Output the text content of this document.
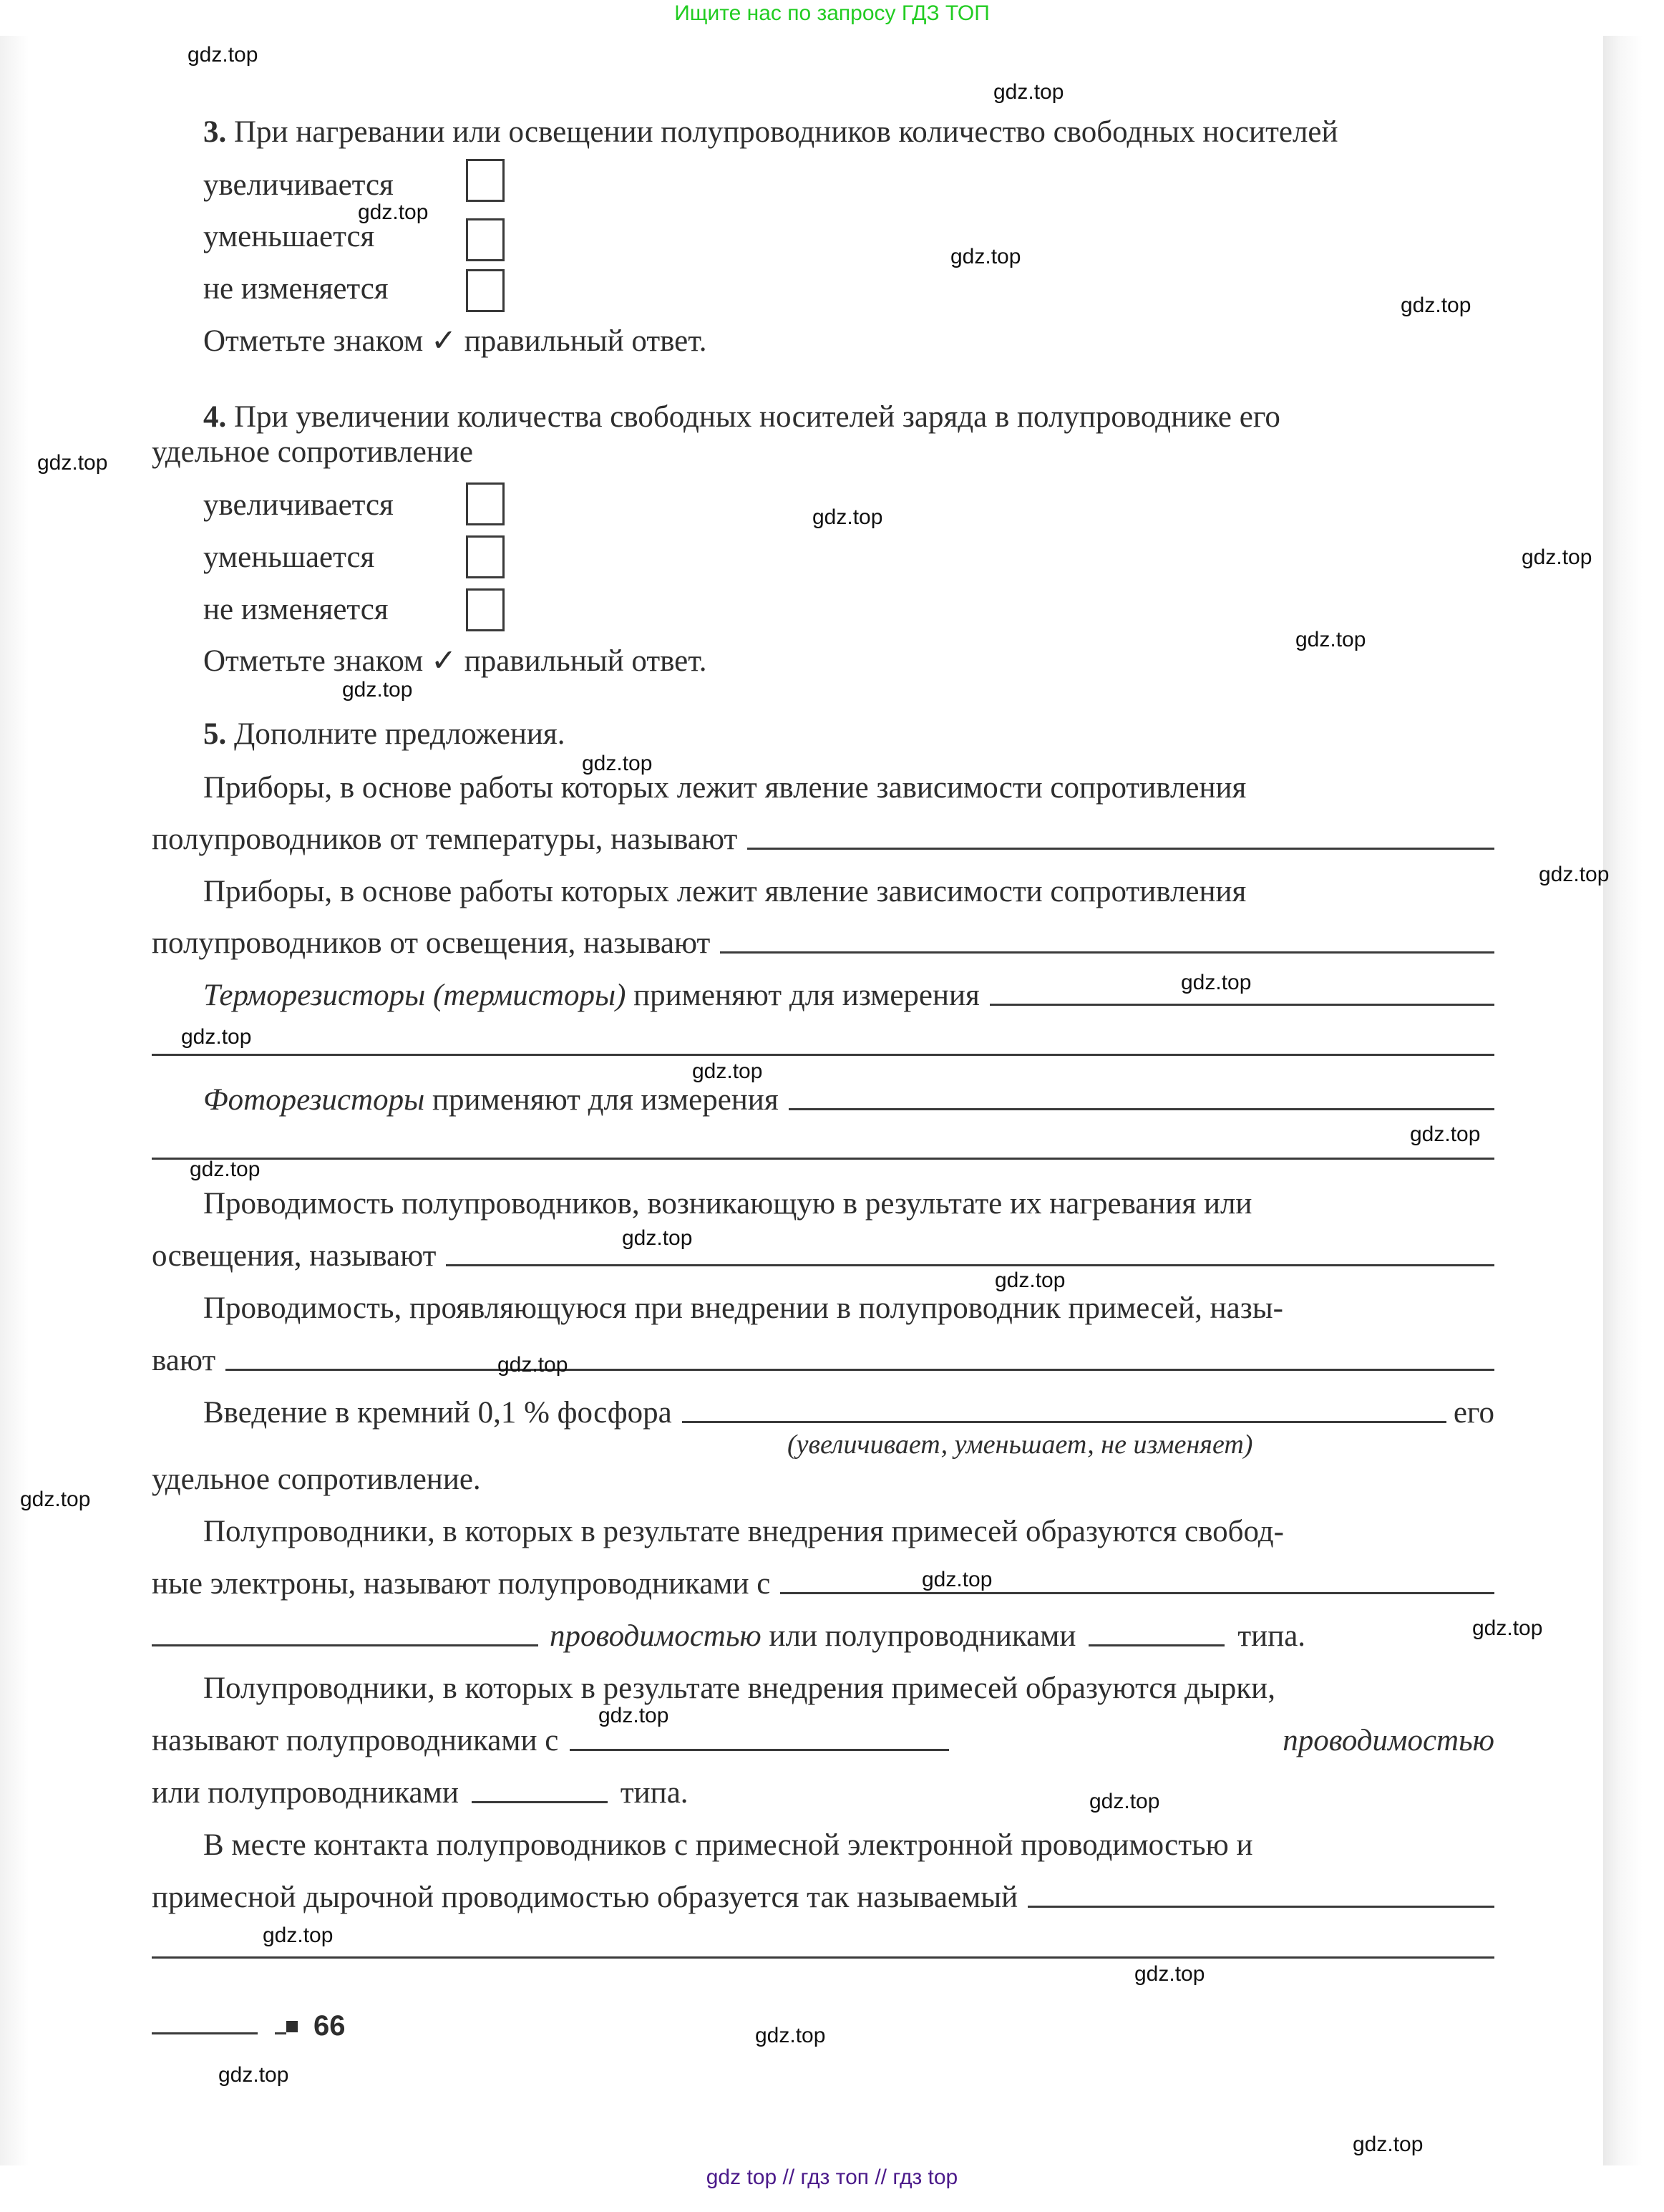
Ищите нас по запросу ГДЗ ТОП
3. При нагревании или освещении полупроводников количество свободных носителей
увеличивается
уменьшается
не изменяется
Отметьте знаком ✓ правильный ответ.
4. При увеличении количества свободных носителей заряда в полупроводнике его
удельное сопротивление
увеличивается
уменьшается
не изменяется
Отметьте знаком ✓ правильный ответ.
5. Дополните предложения.
Приборы, в основе работы которых лежит явление зависимости сопротивления
полупроводников от температуры, называют
Приборы, в основе работы которых лежит явление зависимости сопротивления
полупроводников от освещения, называют
Терморезисторы (термисторы)
применяют для измерения
Фоторезисторы
применяют для измерения
Проводимость полупроводников, возникающую в результате их нагревания или
освещения, называют
Проводимость, проявляющуюся при внедрении в полупроводник примесей, назы-
вают
Введение в кремний 0,1 % фосфора	его
(увеличивает, уменьшает, не изменяет)
удельное сопротивление.
Полупроводники, в которых в результате внедрения примесей образуются свобод-
ные электроны, называют полупроводниками с
проводимостью
или полупроводниками	типа.
Полупроводники, в которых в результате внедрения примесей образуются дырки,
называют полупроводниками с	проводимостью
или полупроводниками	типа.
В месте контакта полупроводников с примесной электронной проводимостью и
примесной дырочной проводимостью образуется так называемый
66
gdz.top
gdz.top
gdz.top
gdz.top
gdz.top
gdz.top
gdz.top
gdz.top
gdz.top
gdz.top
gdz.top
gdz.top
gdz.top
gdz.top
gdz.top
gdz.top
gdz.top
gdz.top
gdz.top
gdz.top
gdz.top
gdz.top
gdz.top
gdz.top
gdz.top
gdz.top
gdz.top
gdz.top
gdz.top
gdz.top
gdz top // гдз топ // гдз top
